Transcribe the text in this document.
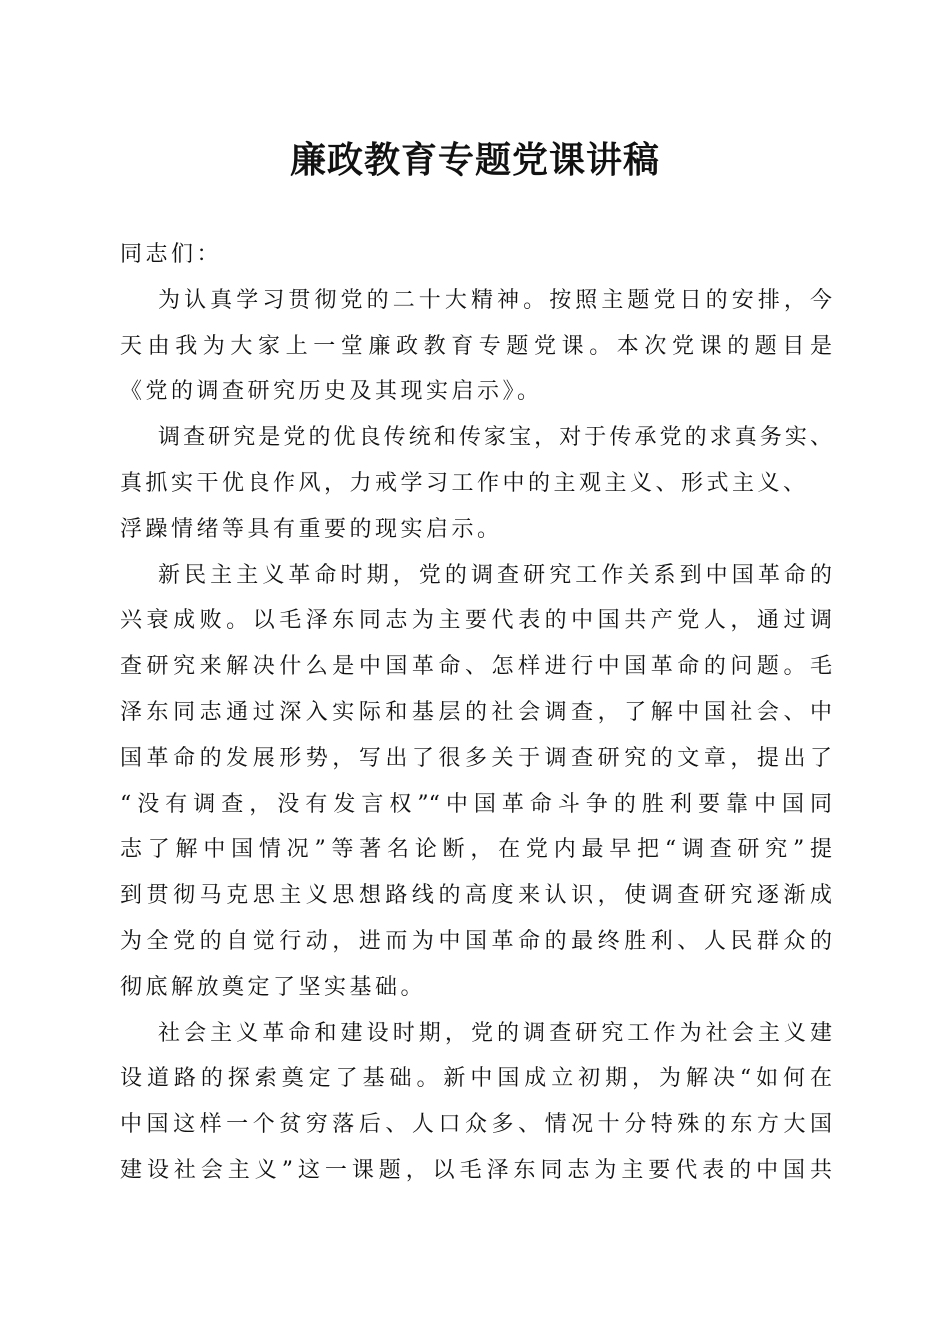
廉政教育专题党课讲稿
同志们：
为认真学习贯彻党的二十大精神。按照主题党日的安排，今
天由我为大家上一堂廉政教育专题党课。本次党课的题目是
《党的调查研究历史及其现实启示》。
调查研究是党的优良传统和传家宝，对于传承党的求真务实、
真抓实干优良作风，力戒学习工作中的主观主义、形式主义、
浮躁情绪等具有重要的现实启示。
新民主主义革命时期，党的调查研究工作关系到中国革命的
兴衰成败。以毛泽东同志为主要代表的中国共产党人，通过调
查研究来解决什么是中国革命、怎样进行中国革命的问题。毛
泽东同志通过深入实际和基层的社会调查，了解中国社会、中
国革命的发展形势，写出了很多关于调查研究的文章，提出了
“没有调查，没有发言权”“中国革命斗争的胜利要靠中国同
志了解中国情况”等著名论断，在党内最早把“调查研究”提
到贯彻马克思主义思想路线的高度来认识，使调查研究逐渐成
为全党的自觉行动，进而为中国革命的最终胜利、人民群众的
彻底解放奠定了坚实基础。
社会主义革命和建设时期，党的调查研究工作为社会主义建
设道路的探索奠定了基础。新中国成立初期，为解决“如何在
中国这样一个贫穷落后、人口众多、情况十分特殊的东方大国
建设社会主义”这一课题，以毛泽东同志为主要代表的中国共
